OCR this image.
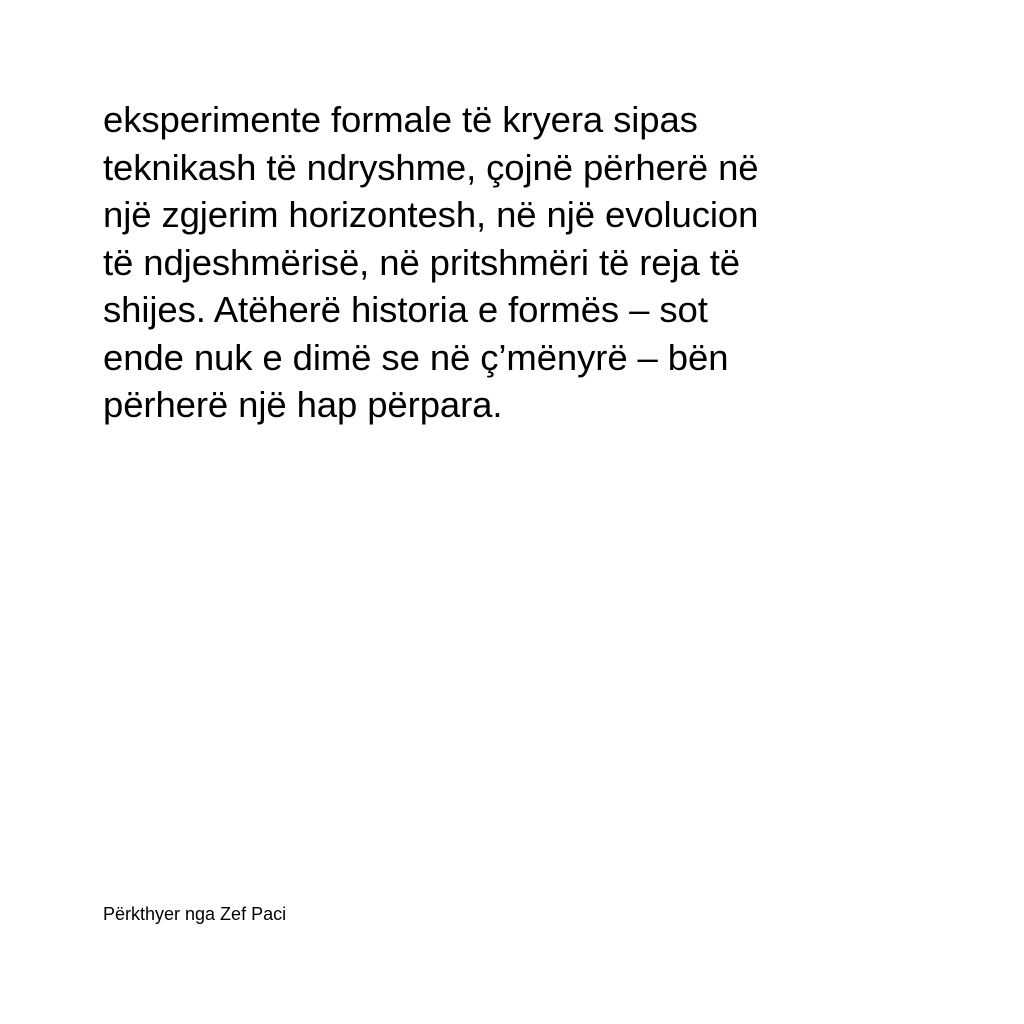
eksperimente formale të kryera sipas
teknikash të ndryshme, çojnë përherë në
një zgjerim horizontesh, në një evolucion
të ndjeshmërisë, në pritshmëri të reja të
shijes. Atëherë historia e formës – sot
ende nuk e dimë se në ç’mënyrë – bën
përherë një hap përpara.

Përkthyer nga Zef Paci
